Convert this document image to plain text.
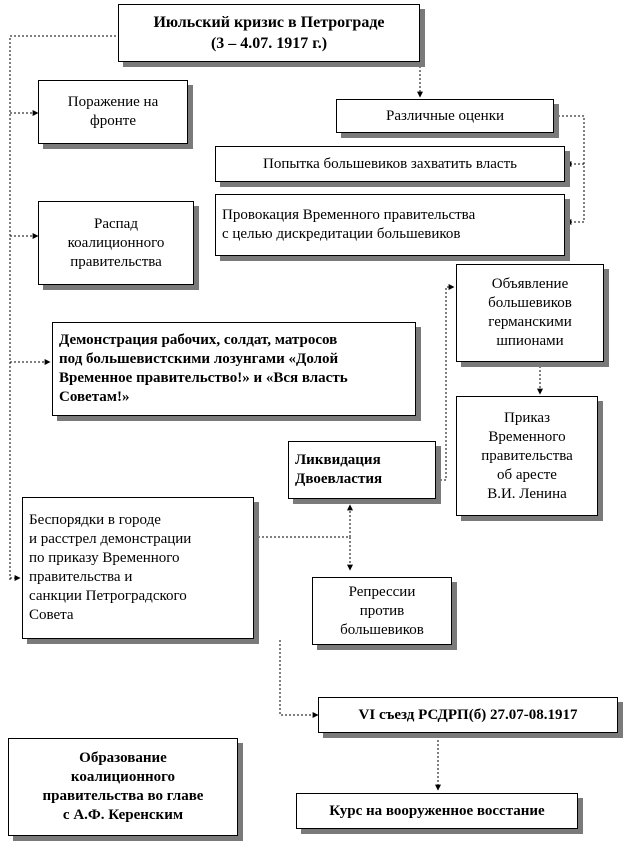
Июльский кризис в Петрограде
(3 – 4.07. 1917 г.)
Поражение на
фронте	Различные оценки
Попытка большевиков захватить власть
Провокация Временного правительства
с целью дискредитации большевиков
Распад
коалиционного
правительства
Объявление
большевиков
германскими
шпионами
Демонстрация рабочих, солдат, матросов
под большевистскими лозунгами «Долой
Временное правительство!» и «Вся власть
Советам!»
Приказ
Временного
правительства
об аресте
В.И. Ленина
Ликвидация
Двоевластия
Беспорядки в городе
и расстрел демонстрации
по приказу Временного
правительства и
санкции Петроградского
Совета
Репрессии
против
большевиков
VI съезд РСДРП(б) 27.07-08.1917
Образование
коалиционного
правительства во главе
с А.Ф. Керенским	Курс на вооруженное восстание
